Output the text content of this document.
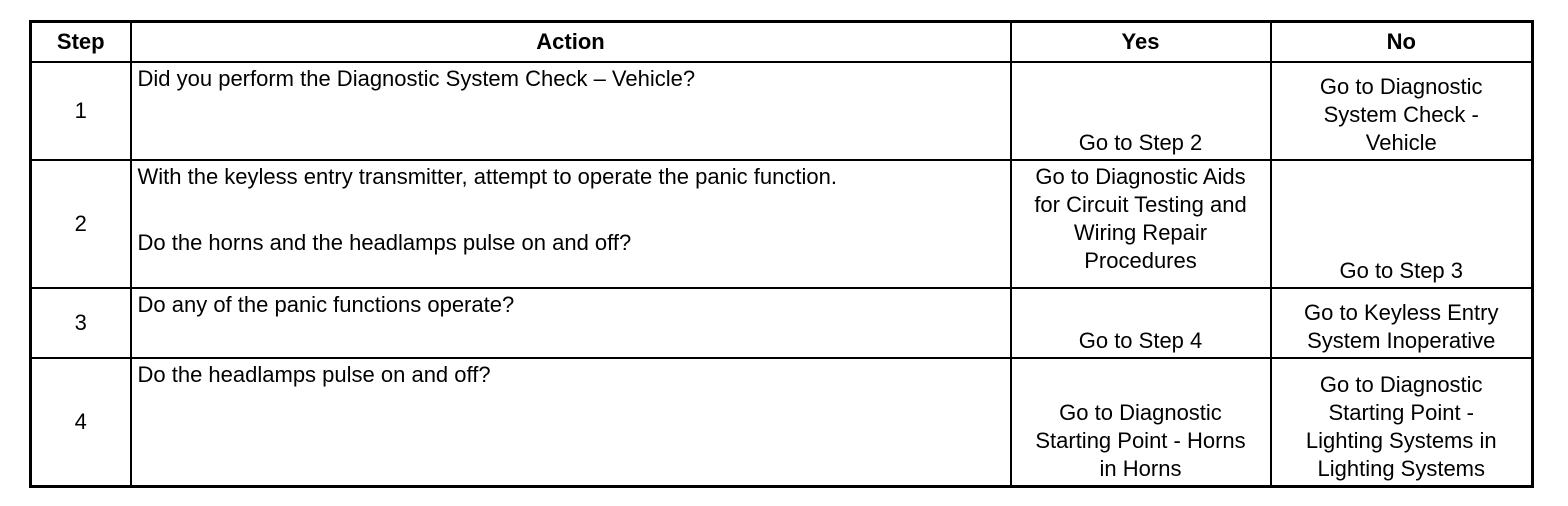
Step	Action	Yes	No
1	Did you perform the Diagnostic System Check – Vehicle?	Go to Step 2	Go to Diagnostic
System Check -
Vehicle

2	With the keyless entry transmitter, attempt to operate the panic function.
Do the horns and the headlamps pulse on and off?	Go to Diagnostic Aids
for Circuit Testing and
Wiring Repair
Procedures	Go to Step 3

3	Do any of the panic functions operate?	Go to Step 4	Go to Keyless Entry
System Inoperative

4	Do the headlamps pulse on and off?	Go to Diagnostic
Starting Point - Horns
in Horns	Go to Diagnostic
Starting Point -
Lighting Systems in
Lighting Systems
